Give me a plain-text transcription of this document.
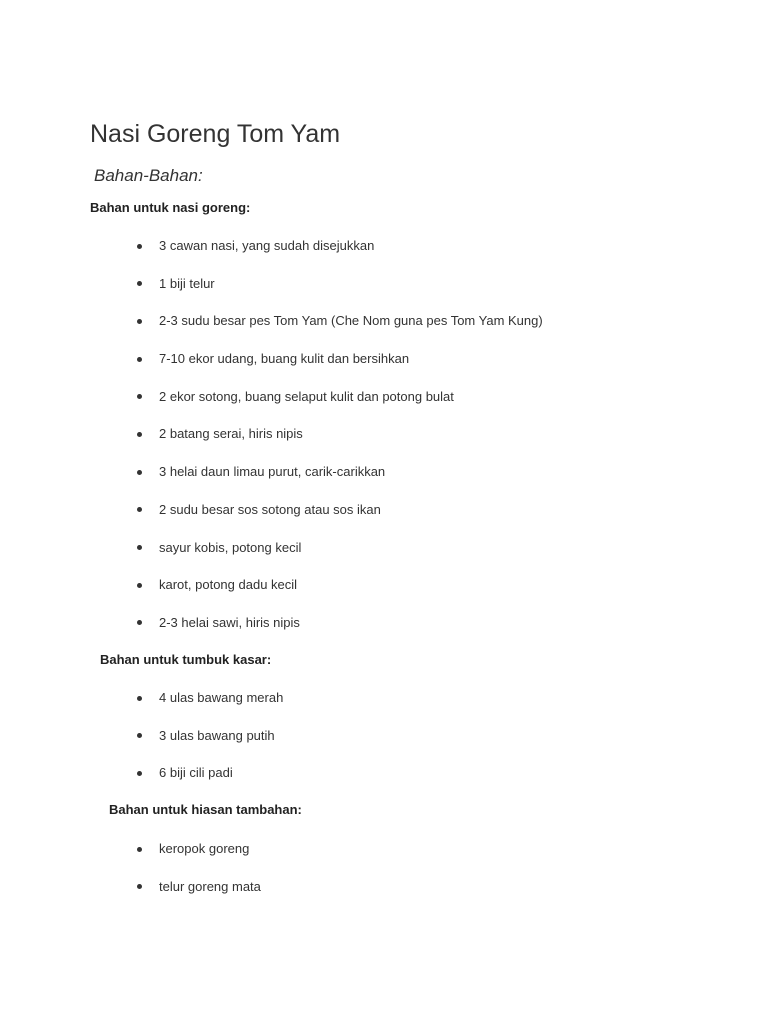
Nasi Goreng Tom Yam
Bahan-Bahan:
Bahan untuk nasi goreng:
3 cawan nasi, yang sudah disejukkan
1 biji telur
2-3 sudu besar pes Tom Yam (Che Nom guna pes Tom Yam Kung)
7-10 ekor udang, buang kulit dan bersihkan
2 ekor sotong, buang selaput kulit dan potong bulat
2 batang serai, hiris nipis
3 helai daun limau purut, carik-carikkan
2 sudu besar sos sotong atau sos ikan
sayur kobis, potong kecil
karot, potong dadu kecil
2-3 helai sawi, hiris nipis
Bahan untuk tumbuk kasar:
4 ulas bawang merah
3 ulas bawang putih
6 biji cili padi
Bahan untuk hiasan tambahan:
keropok goreng
telur goreng mata
